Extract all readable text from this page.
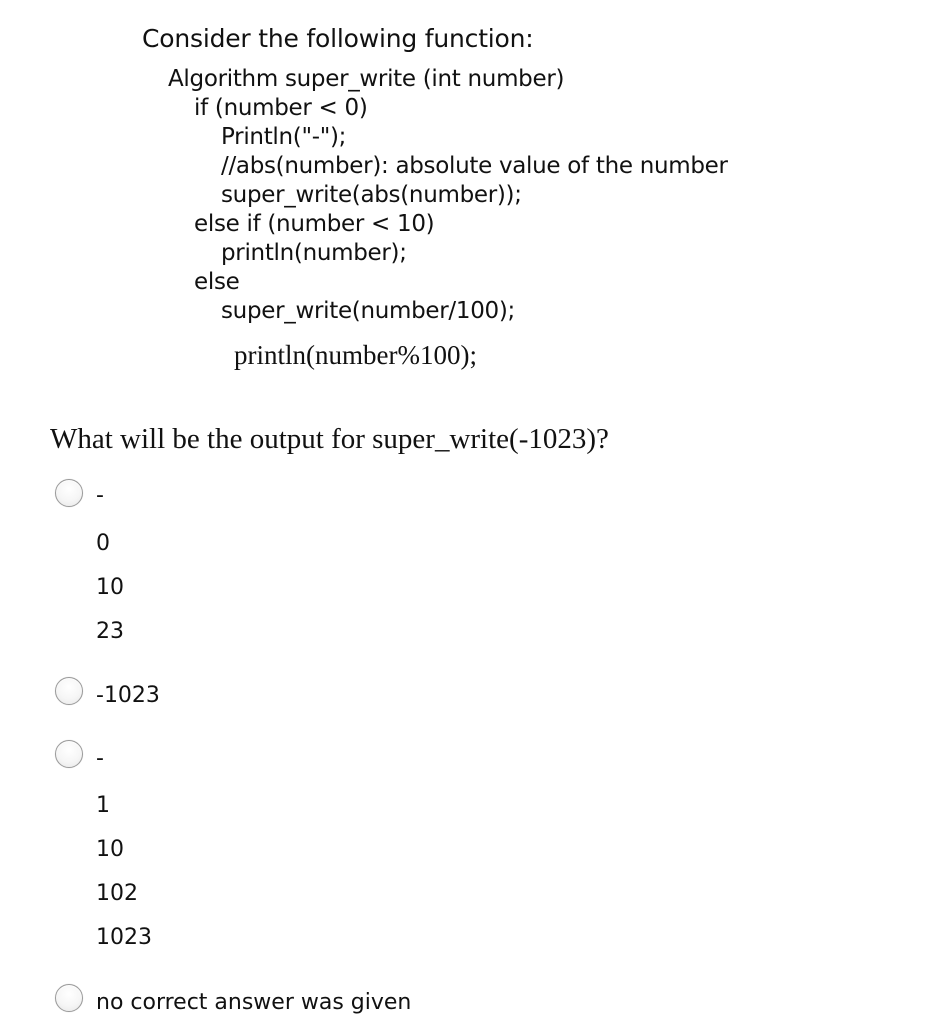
Consider the following function:
Algorithm super_write (int number)
if (number < 0)
Println("-");
//abs(number): absolute value of the number
super_write(abs(number));
else if (number < 10)
println(number);
else
super_write(number/100);
println(number%100);
What will be the output for super_write(-1023)?
-
0
10
23
-1023
-
1
10
102
1023
no correct answer was given
